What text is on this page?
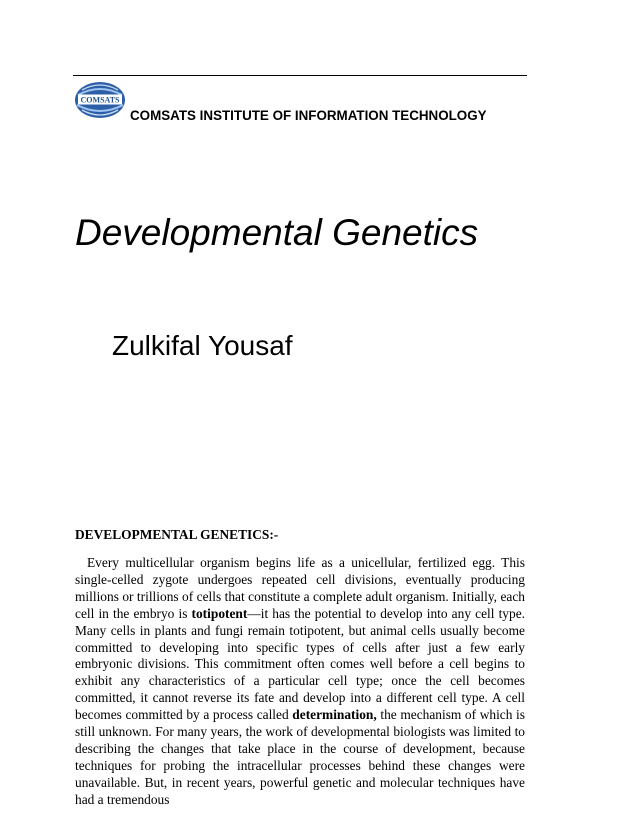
COMSATS
COMSATS INSTITUTE OF INFORMATION TECHNOLOGY
Developmental Genetics
Zulkifal Yousaf
DEVELOPMENTAL GENETICS:-
Every multicellular organism begins life as a unicellular, fertilized egg. This single-celled zygote undergoes repeated cell divisions, eventually producing millions or trillions of cells that constitute a complete adult organism. Initially, each cell in the embryo is totipotent—it has the potential to develop into any cell type. Many cells in plants and fungi remain totipotent, but animal cells usually become committed to developing into specific types of cells after just a few early embryonic divisions. This commitment often comes well before a cell begins to exhibit any characteristics of a particular cell type; once the cell becomes committed, it cannot reverse its fate and develop into a different cell type. A cell becomes committed by a process called determination, the mechanism of which is still unknown. For many years, the work of developmental biologists was limited to describing the changes that take place in the course of development, because techniques for probing the intracellular processes behind these changes were unavailable. But, in recent years, powerful genetic and molecular techniques have had a tremendous
